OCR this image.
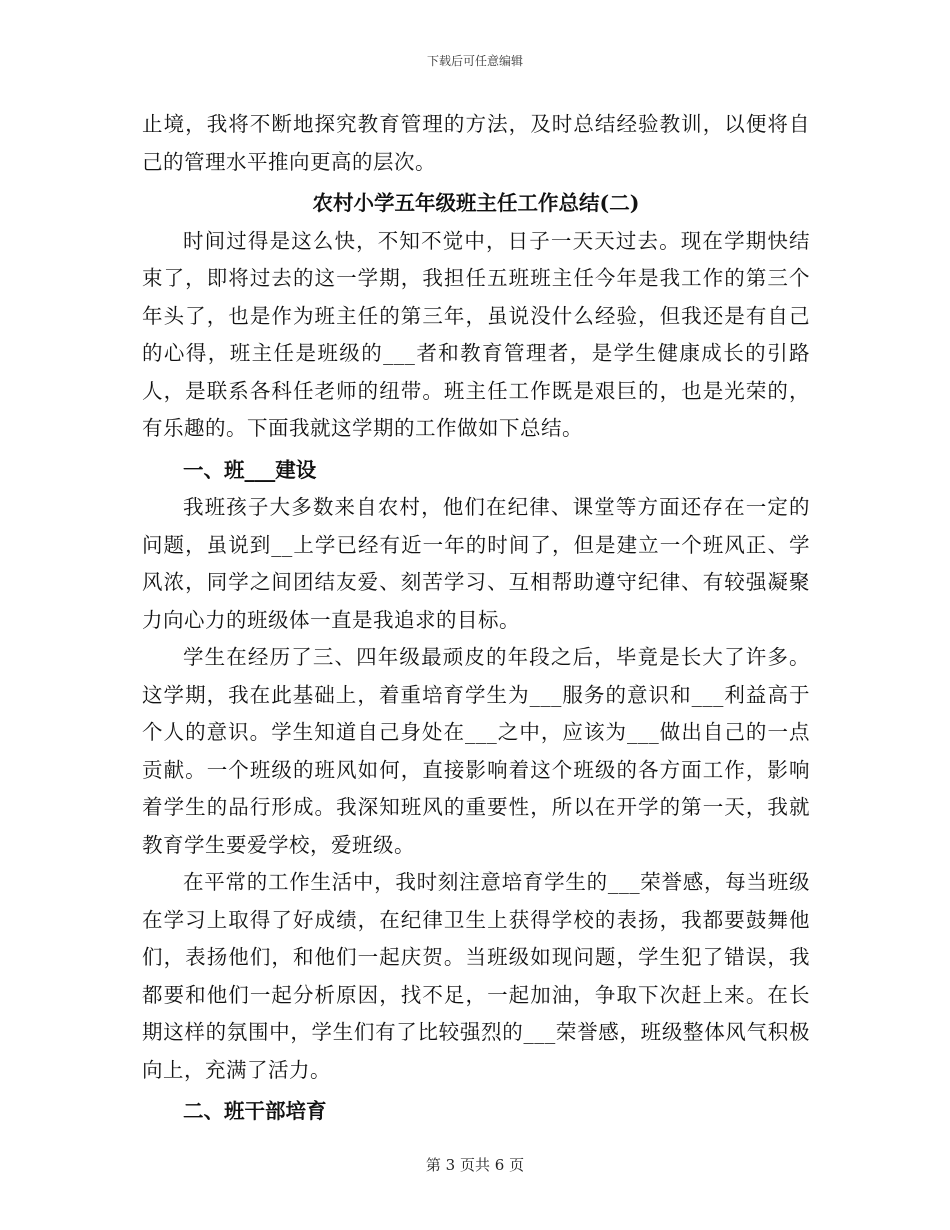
下载后可任意编辑

止境，我将不断地探究教育管理的方法，及时总结经验教训，以便将自己的管理水平推向更高的层次。

农村小学五年级班主任工作总结(二)

时间过得是这么快，不知不觉中，日子一天天过去。现在学期快结束了，即将过去的这一学期，我担任五班班主任今年是我工作的第三个年头了，也是作为班主任的第三年，虽说没什么经验，但我还是有自己的心得，班主任是班级的___者和教育管理者，是学生健康成长的引路人，是联系各科任老师的纽带。班主任工作既是艰巨的，也是光荣的，有乐趣的。下面我就这学期的工作做如下总结。

一、班___建设

我班孩子大多数来自农村，他们在纪律、课堂等方面还存在一定的问题，虽说到__上学已经有近一年的时间了，但是建立一个班风正、学风浓，同学之间团结友爱、刻苦学习、互相帮助遵守纪律、有较强凝聚力向心力的班级体一直是我追求的目标。

学生在经历了三、四年级最顽皮的年段之后，毕竟是长大了许多。这学期，我在此基础上，着重培育学生为___服务的意识和___利益高于个人的意识。学生知道自己身处在___之中，应该为___做出自己的一点贡献。一个班级的班风如何，直接影响着这个班级的各方面工作，影响着学生的品行形成。我深知班风的重要性，所以在开学的第一天，我就教育学生要爱学校，爱班级。

在平常的工作生活中，我时刻注意培育学生的___荣誉感，每当班级在学习上取得了好成绩，在纪律卫生上获得学校的表扬，我都要鼓舞他们，表扬他们，和他们一起庆贺。当班级如现问题，学生犯了错误，我都要和他们一起分析原因，找不足，一起加油，争取下次赶上来。在长期这样的氛围中，学生们有了比较强烈的___荣誉感，班级整体风气积极向上，充满了活力。

二、班干部培育

第 3 页共 6 页
